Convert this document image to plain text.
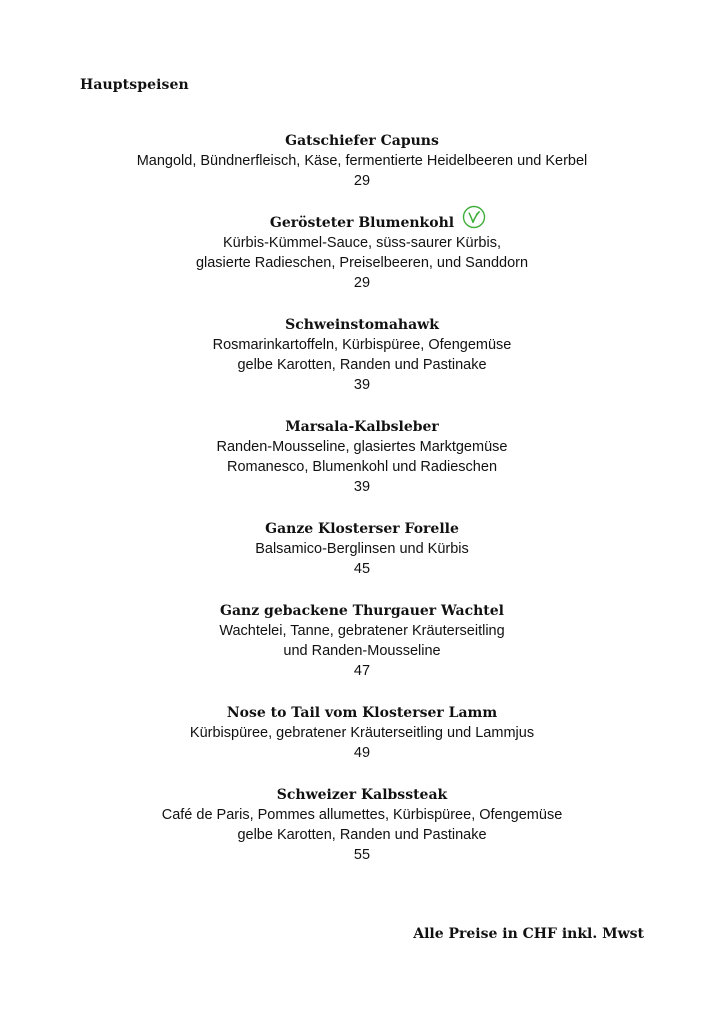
Hauptspeisen
Gatschiefer Capuns
Mangold, Bündnerfleisch, Käse, fermentierte Heidelbeeren und Kerbel
29
Gerösteter Blumenkohl
Kürbis-Kümmel-Sauce, süss-saurer Kürbis,
glasierte Radieschen, Preiselbeeren, und Sanddorn
29
Schweinstomahawk
Rosmarinkartoffeln, Kürbispüree, Ofengemüse
gelbe Karotten, Randen und Pastinake
39
Marsala-Kalbsleber
Randen-Mousseline, glasiertes Marktgemüse
Romanesco, Blumenkohl und Radieschen
39
Ganze Klosterser Forelle
Balsamico-Berglinsen und Kürbis
45
Ganz gebackene Thurgauer Wachtel
Wachtelei, Tanne, gebratener Kräuterseitling
und Randen-Mousseline
47
Nose to Tail vom Klosterser Lamm
Kürbispüree, gebratener Kräuterseitling und Lammjus
49
Schweizer Kalbssteak
Café de Paris, Pommes allumettes, Kürbispüree, Ofengemüse
gelbe Karotten, Randen und Pastinake
55
Alle Preise in CHF inkl. Mwst
